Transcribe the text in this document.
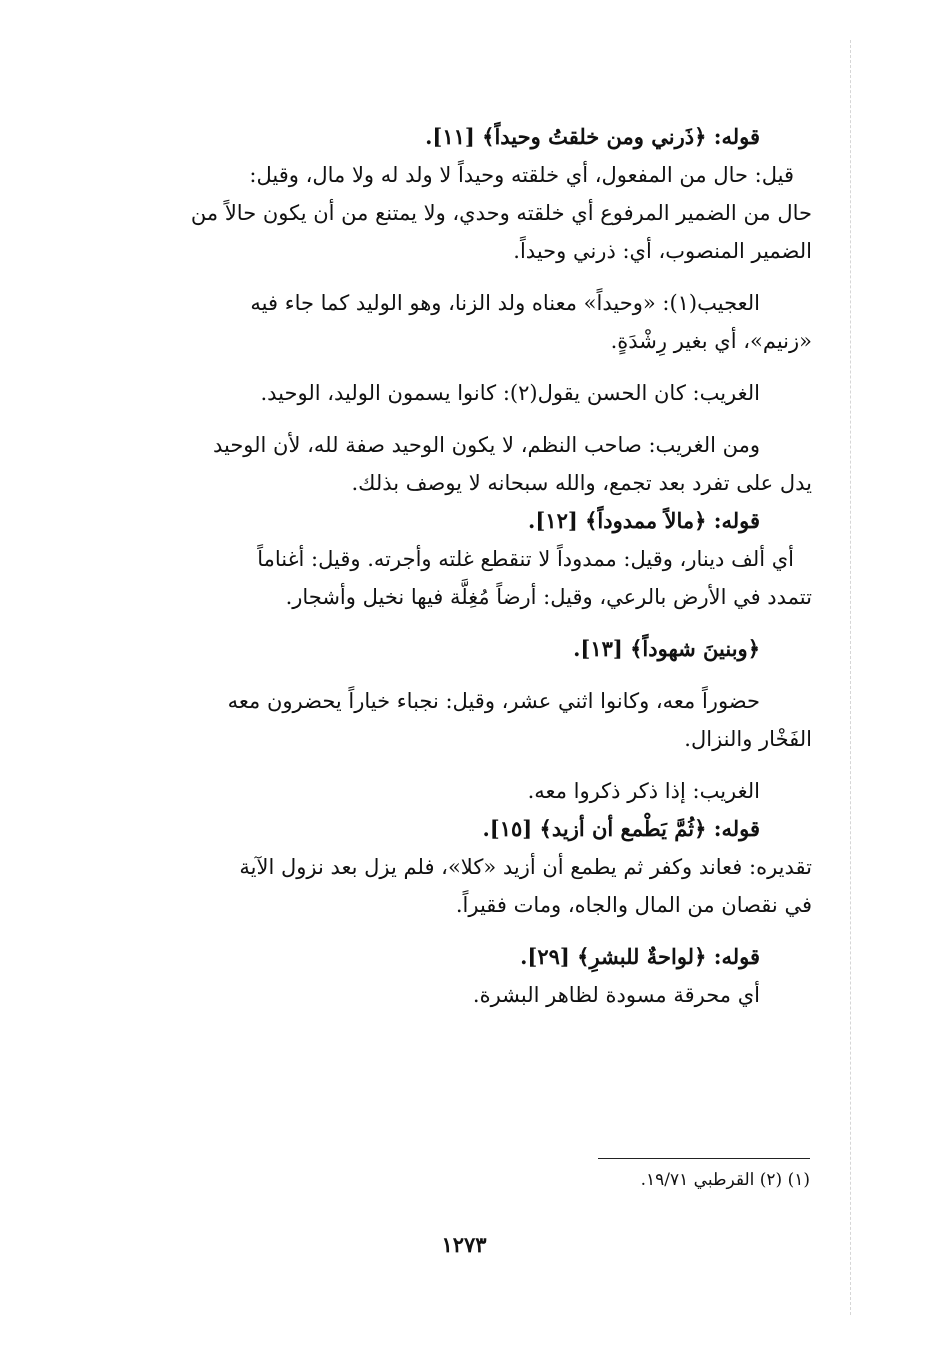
قوله: ﴿ذَرني ومن خلقتُ وحيداً﴾ [١١].
قيل: حال من المفعول، أي خلقته وحيداً لا ولد له ولا مال، وقيل:
حال من الضمير المرفوع أي خلقته وحدي، ولا يمتنع من أن يكون حالاً من
الضمير المنصوب، أي: ذرني وحيداً.
العجيب(١): «وحيداً» معناه ولد الزنا، وهو الوليد كما جاء فيه
«زنيم»، أي بغير رِشْدَةٍ.
الغريب: كان الحسن يقول(٢): كانوا يسمون الوليد، الوحيد.
ومن الغريب: صاحب النظم، لا يكون الوحيد صفة لله، لأن الوحيد
يدل على تفرد بعد تجمع، والله سبحانه لا يوصف بذلك.
قوله: ﴿مالاً ممدوداً﴾ [١٢].
أي ألف دينار، وقيل: ممدوداً لا تنقطع غلته وأجرته. وقيل: أغناماً
تتمدد في الأرض بالرعي، وقيل: أرضاً مُغِلَّة فيها نخيل وأشجار.
﴿وبنينَ شهوداً﴾ [١٣].
حضوراً معه، وكانوا اثني عشر، وقيل: نجباء خياراً يحضرون معه
الفَخْار والنزال.
الغريب: إذا ذكر ذكروا معه.
قوله: ﴿ثُمَّ يَطْمع أن أزيد﴾ [١٥].
تقديره: فعاند وكفر ثم يطمع أن أزيد «كلا»، فلم يزل بعد نزول الآية
في نقصان من المال والجاه، ومات فقيراً.
قوله: ﴿لواحةٌ للبشرِ﴾ [٢٩].
أي محرقة مسودة لظاهر البشرة.
(١) (٢) القرطبي ١٩/٧١.
١٢٧٣
